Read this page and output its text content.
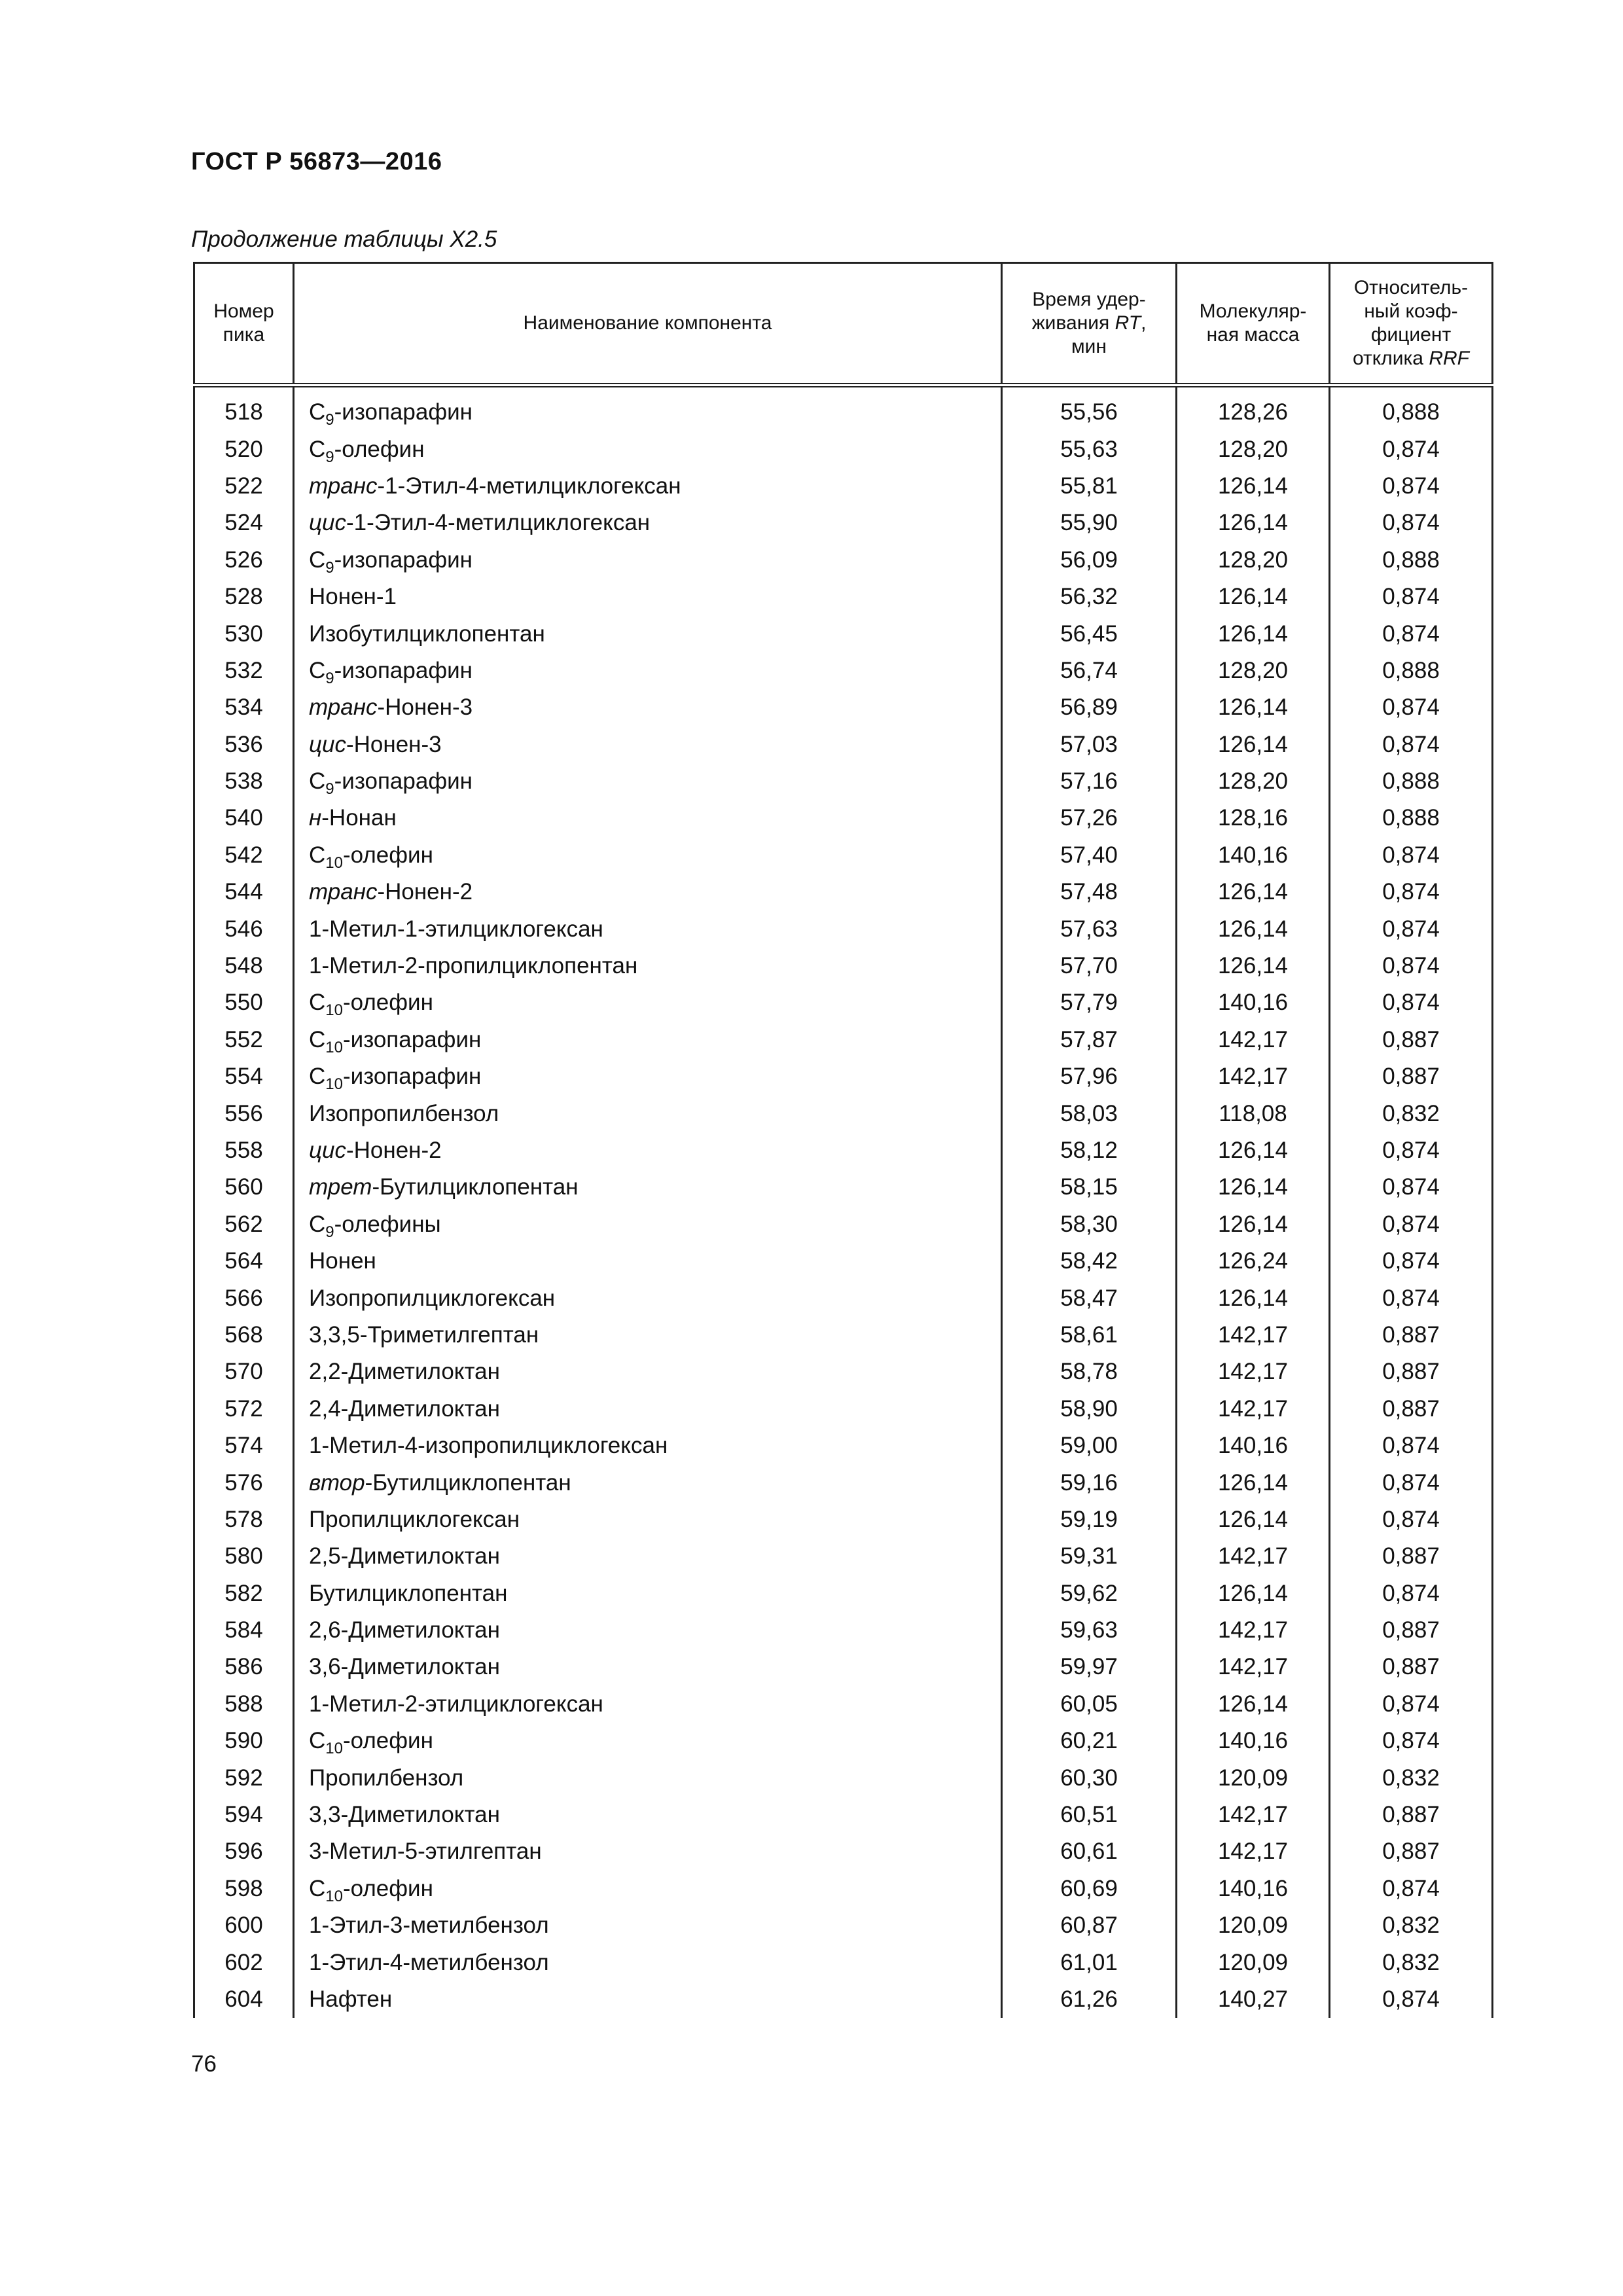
ГОСТ Р 56873—2016
Продолжение таблицы X2.5
Номер
пика	Наименование компонента	Время удер-
живания RT,
мин	Молекуляр-
ная масса	Относитель-
ный коэф-
фициент
отклика RRF
518	$C_9$-изопарафин	55,56	128,26	0,888
520	$C_9$-олефин	55,63	128,20	0,874
522	транс-1-Этил-4-метилциклогексан	55,81	126,14	0,874
524	цис-1-Этил-4-метилциклогексан	55,90	126,14	0,874
526	$C_9$-изопарафин	56,09	128,20	0,888
528	Нонен-1	56,32	126,14	0,874
530	Изобутилциклопентан	56,45	126,14	0,874
532	$C_9$-изопарафин	56,74	128,20	0,888
534	транс-Нонен-3	56,89	126,14	0,874
536	цис-Нонен-3	57,03	126,14	0,874
538	$C_9$-изопарафин	57,16	128,20	0,888
540	н-Нонан	57,26	128,16	0,888
542	$C_{10}$-олефин	57,40	140,16	0,874
544	транс-Нонен-2	57,48	126,14	0,874
546	1-Метил-1-этилциклогексан	57,63	126,14	0,874
548	1-Метил-2-пропилциклопентан	57,70	126,14	0,874
550	$C_{10}$-олефин	57,79	140,16	0,874
552	$C_{10}$-изопарафин	57,87	142,17	0,887
554	$C_{10}$-изопарафин	57,96	142,17	0,887
556	Изопропилбензол	58,03	118,08	0,832
558	цис-Нонен-2	58,12	126,14	0,874
560	трет-Бутилциклопентан	58,15	126,14	0,874
562	$C_9$-олефины	58,30	126,14	0,874
564	Нонен	58,42	126,24	0,874
566	Изопропилциклогексан	58,47	126,14	0,874
568	3,3,5-Триметилгептан	58,61	142,17	0,887
570	2,2-Диметилоктан	58,78	142,17	0,887
572	2,4-Диметилоктан	58,90	142,17	0,887
574	1-Метил-4-изопропилциклогексан	59,00	140,16	0,874
576	втор-Бутилциклопентан	59,16	126,14	0,874
578	Пропилциклогексан	59,19	126,14	0,874
580	2,5-Диметилоктан	59,31	142,17	0,887
582	Бутилциклопентан	59,62	126,14	0,874
584	2,6-Диметилоктан	59,63	142,17	0,887
586	3,6-Диметилоктан	59,97	142,17	0,887
588	1-Метил-2-этилциклогексан	60,05	126,14	0,874
590	$C_{10}$-олефин	60,21	140,16	0,874
592	Пропилбензол	60,30	120,09	0,832
594	3,3-Диметилоктан	60,51	142,17	0,887
596	3-Метил-5-этилгептан	60,61	142,17	0,887
598	$C_{10}$-олефин	60,69	140,16	0,874
600	1-Этил-3-метилбензол	60,87	120,09	0,832
602	1-Этил-4-метилбензол	61,01	120,09	0,832
604	Нафтен	61,26	140,27	0,874
76
